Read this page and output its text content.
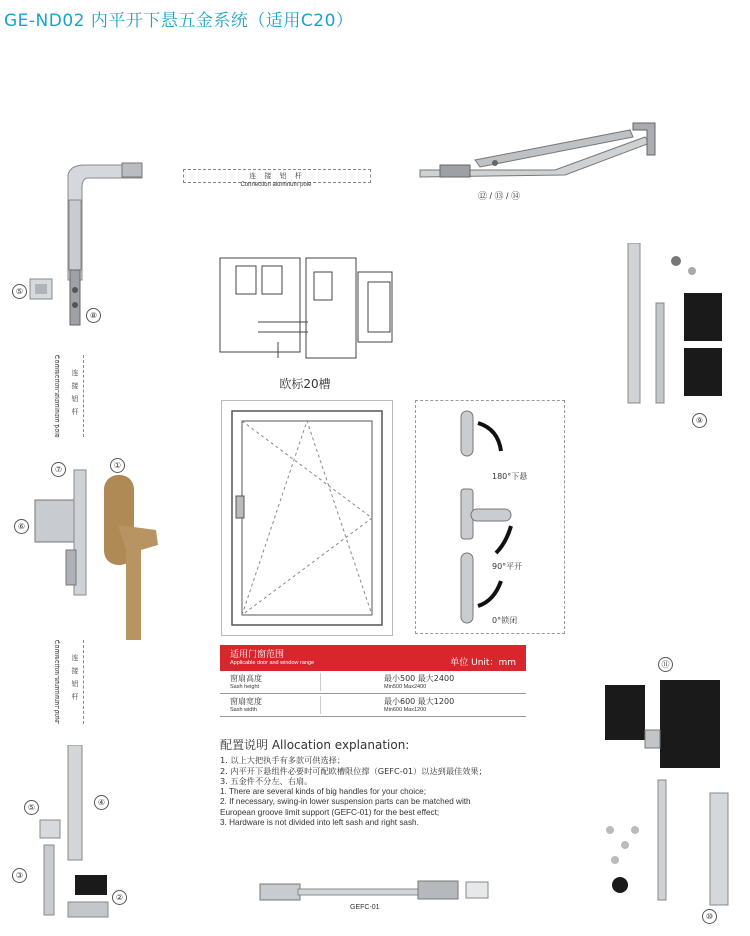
GE-ND02 内平开下悬五金系统（适用C20）
⑤
⑧
连 接 铝 杆
Connection aluminum pole
⑫ / ⑬ / ⑭
欧标20槽
⑨
Connection aluminum pole 连接铝杆
180°下悬
90°平开
0°锁闭
⑦
⑥
①
Connection aluminum pole 连接铝杆	适用门窗范围
Applicable door and window range	单位 Unit：mm
窗扇高度
Sash height
最小500 最大2400
Min500 Max2400
窗扇宽度
Sash width
最小600 最大1200
Min600 Max1200
配置说明 Allocation explanation:
1. 以上大把执手有多款可供选择；
2. 内平开下悬组件必要时可配欧槽限位撑（GEFC-01）以达到最佳效果；
3. 五金件不分左、右扇。
1. There are several kinds of big handles for your choice;
2. If necessary, swing-in lower suspension parts can be matched with
European groove limit support (GEFC-01) for the best effect;
3. Hardware is not divided into left sash and right sash.
⑪
⑤
④
③
②
GEFC-01
⑩
